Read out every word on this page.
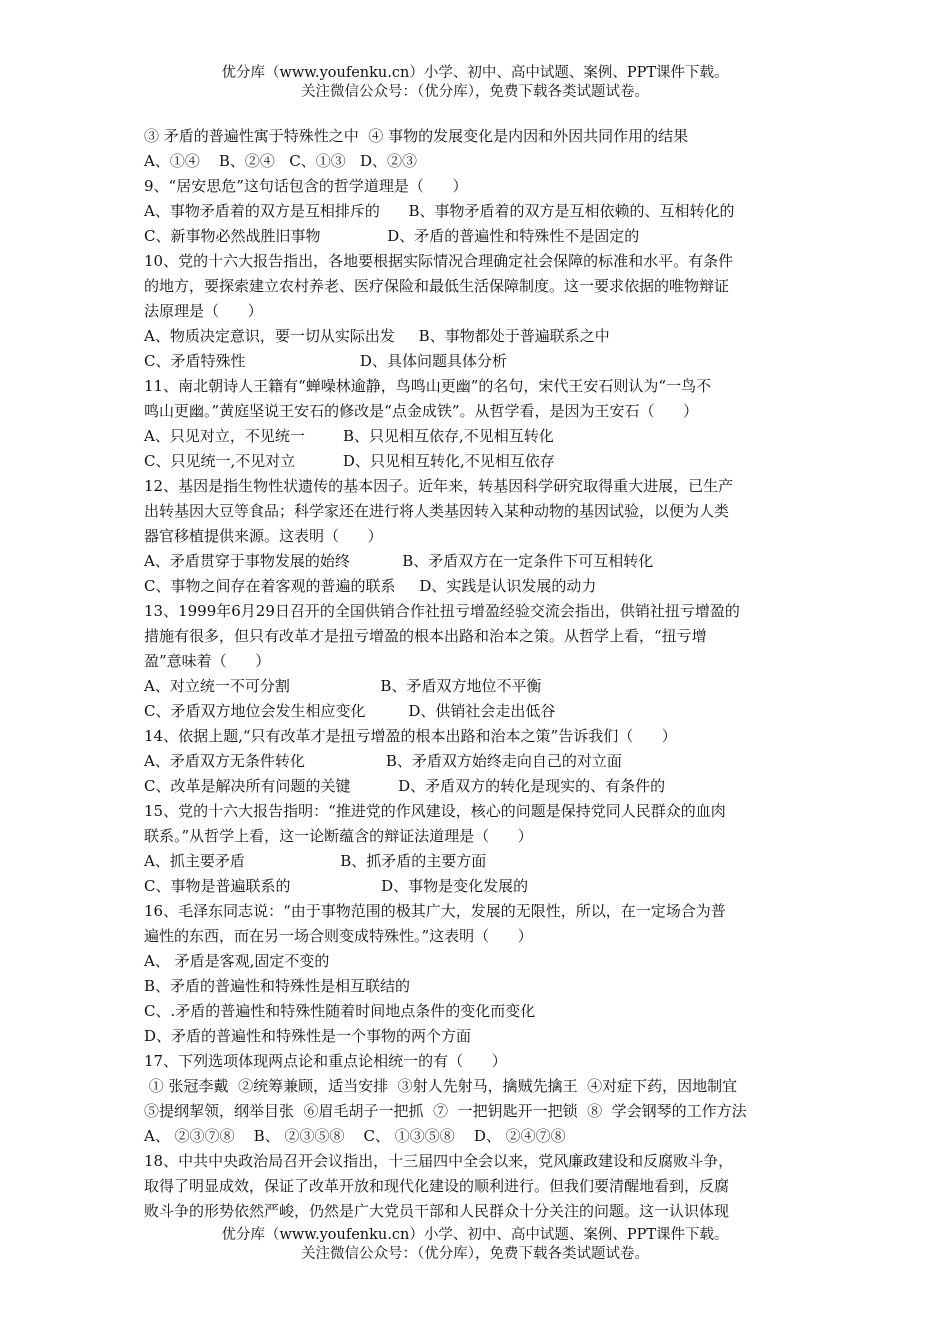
优分库（www.youfenku.cn）小学、初中、高中试题、案例、PPT课件下载。
关注微信公众号：（优分库），免费下载各类试题试卷。
③ 矛盾的普遍性寓于特殊性之中  ④ 事物的发展变化是内因和外因共同作用的结果
A、①④    B、②④   C、①③   D、②③
9、“居安思危”这句话包含的哲学道理是（      ）
A、事物矛盾着的双方是互相排斥的      B、事物矛盾着的双方是互相依赖的、互相转化的
C、新事物必然战胜旧事物              D、矛盾的普遍性和特殊性不是固定的
10、党的十六大报告指出，各地要根据实际情况合理确定社会保障的标准和水平。有条件
的地方，要探索建立农村养老、医疗保险和最低生活保障制度。这一要求依据的唯物辩证
法原理是（      ）
A、物质决定意识，要一切从实际出发     B、事物都处于普遍联系之中
C、矛盾特殊性                        D、具体问题具体分析
11、南北朝诗人王籍有“蝉噪林逾静，鸟鸣山更幽”的名句，宋代王安石则认为“一鸟不
鸣山更幽。”黄庭坚说王安石的修改是“点金成铁”。从哲学看，是因为王安石（      ）
A、只见对立，不见统一        B、只见相互依存,不见相互转化
C、只见统一,不见对立          D、只见相互转化,不见相互依存
12、基因是指生物性状遗传的基本因子。近年来，转基因科学研究取得重大进展，已生产
出转基因大豆等食品；科学家还在进行将人类基因转入某种动物的基因试验，以便为人类
器官移植提供来源。这表明（      ）
A、矛盾贯穿于事物发展的始终           B、矛盾双方在一定条件下可互相转化
C、事物之间存在着客观的普遍的联系     D、实践是认识发展的动力
13、1999年6月29日召开的全国供销合作社扭亏增盈经验交流会指出，供销社扭亏增盈的
措施有很多，但只有改革才是扭亏增盈的根本出路和治本之策。从哲学上看，“扭亏增
盈”意味着（      ）
A、对立统一不可分割                   B、矛盾双方地位不平衡
C、矛盾双方地位会发生相应变化         D、供销社会走出低谷
14、依据上题,“只有改革才是扭亏增盈的根本出路和治本之策”告诉我们（      ）
A、矛盾双方无条件转化                 B、矛盾双方始终走向自己的对立面
C、改革是解决所有问题的关键          D、矛盾双方的转化是现实的、有条件的
15、党的十六大报告指明：“推进党的作风建设，核心的问题是保持党同人民群众的血肉
联系。”从哲学上看，这一论断蕴含的辩证法道理是（      ）
A、抓主要矛盾                    B、抓矛盾的主要方面
C、事物是普遍联系的                   D、事物是变化发展的
16、毛泽东同志说：“由于事物范围的极其广大，发展的无限性，所以，在一定场合为普
遍性的东西，而在另一场合则变成特殊性。”这表明（      ）
A、 矛盾是客观,固定不变的
B、矛盾的普遍性和特殊性是相互联结的
C、.矛盾的普遍性和特殊性随着时间地点条件的变化而变化
D、矛盾的普遍性和特殊性是一个事物的两个方面
17、下列选项体现两点论和重点论相统一的有（      ）
① 张冠李戴  ②统筹兼顾，适当安排  ③射人先射马，擒贼先擒王  ④对症下药，因地制宜
⑤提纲挈领，纲举目张  ⑥眉毛胡子一把抓  ⑦  一把钥匙开一把锁  ⑧  学会钢琴的工作方法
A、 ②③⑦⑧    B、 ②③⑤⑧    C、 ①③⑤⑧    D、 ②④⑦⑧
18、中共中央政治局召开会议指出，十三届四中全会以来，党风廉政建设和反腐败斗争，
取得了明显成效，保证了改革开放和现代化建设的顺利进行。但我们要清醒地看到，反腐
败斗争的形势依然严峻，仍然是广大党员干部和人民群众十分关注的问题。这一认识体现
优分库（www.youfenku.cn）小学、初中、高中试题、案例、PPT课件下载。
关注微信公众号：（优分库），免费下载各类试题试卷。
